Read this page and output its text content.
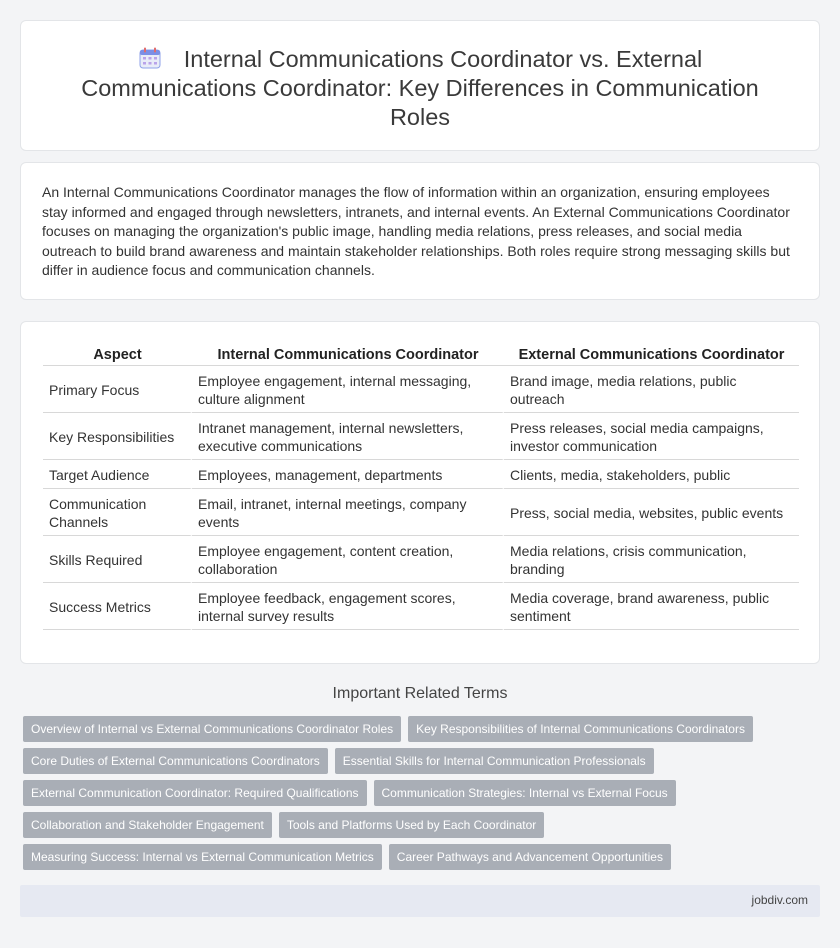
Internal Communications Coordinator vs. External Communications Coordinator: Key Differences in Communication Roles

An Internal Communications Coordinator manages the flow of information within an organization, ensuring employees stay informed and engaged through newsletters, intranets, and internal events. An External Communications Coordinator focuses on managing the organization's public image, handling media relations, press releases, and social media outreach to build brand awareness and maintain stakeholder relationships. Both roles require strong messaging skills but differ in audience focus and communication channels.

Aspect	Internal Communications Coordinator	External Communications Coordinator
Primary Focus	Employee engagement, internal messaging, culture alignment	Brand image, media relations, public outreach
Key Responsibilities	Intranet management, internal newsletters, executive communications	Press releases, social media campaigns, investor communication
Target Audience	Employees, management, departments	Clients, media, stakeholders, public
Communication Channels	Email, intranet, internal meetings, company events	Press, social media, websites, public events
Skills Required	Employee engagement, content creation, collaboration	Media relations, crisis communication, branding
Success Metrics	Employee feedback, engagement scores, internal survey results	Media coverage, brand awareness, public sentiment
Important Related Terms
Overview of Internal vs External Communications Coordinator Roles	Key Responsibilities of Internal Communications Coordinators
Core Duties of External Communications Coordinators	Essential Skills for Internal Communication Professionals
External Communication Coordinator: Required Qualifications	Communication Strategies: Internal vs External Focus
Collaboration and Stakeholder Engagement	Tools and Platforms Used by Each Coordinator
Measuring Success: Internal vs External Communication Metrics	Career Pathways and Advancement Opportunities
jobdiv.com
